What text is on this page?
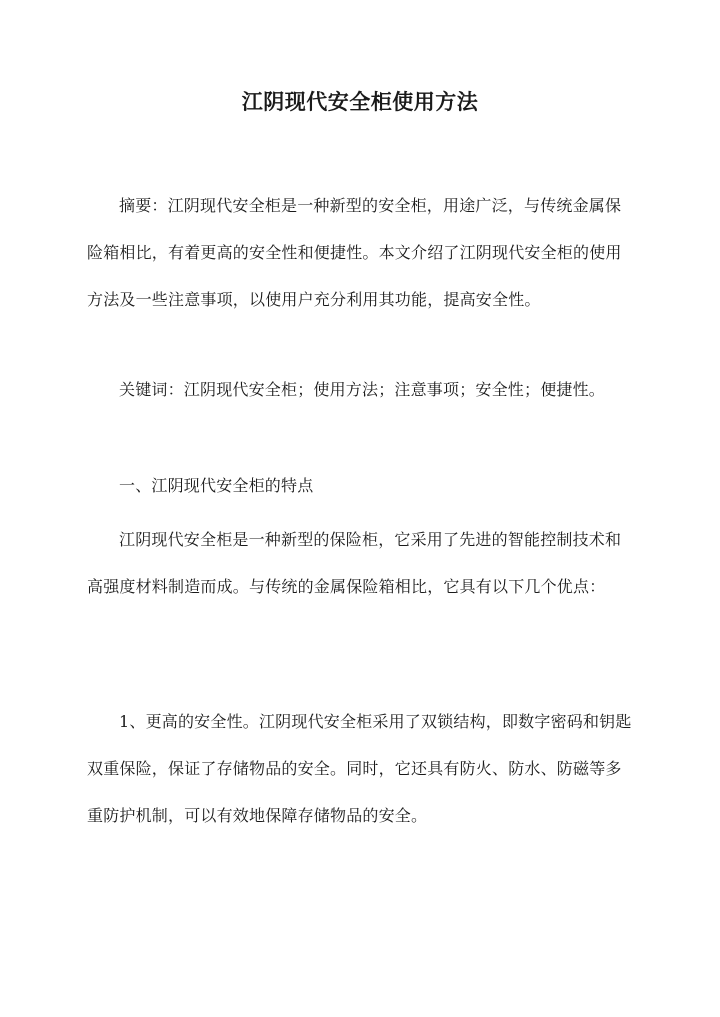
江阴现代安全柜使用方法

摘要：江阴现代安全柜是一种新型的安全柜，用途广泛，与传统金属保险箱相比，有着更高的安全性和便捷性。本文介绍了江阴现代安全柜的使用方法及一些注意事项，以使用户充分利用其功能，提高安全性。

关键词：江阴现代安全柜；使用方法；注意事项；安全性；便捷性。

一、江阴现代安全柜的特点

江阴现代安全柜是一种新型的保险柜，它采用了先进的智能控制技术和高强度材料制造而成。与传统的金属保险箱相比，它具有以下几个优点：

1、更高的安全性。江阴现代安全柜采用了双锁结构，即数字密码和钥匙双重保险，保证了存储物品的安全。同时，它还具有防火、防水、防磁等多重防护机制，可以有效地保障存储物品的安全。
